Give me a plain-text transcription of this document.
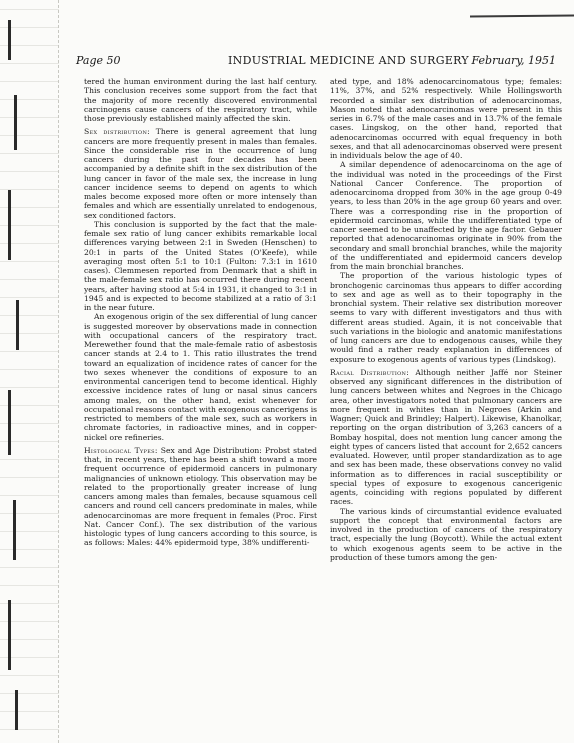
Page 50	INDUSTRIAL MEDICINE AND SURGERY February, 1951

tered the human environment during the last half century. This conclusion receives some support from the fact that the majority of more recently discovered environmental carcinogens cause cancers of the respiratory tract, while those previously established mainly affected the skin.

Sex distribution: There is general agreement that lung cancers are more frequently present in males than females. Since the considerable rise in the occurrence of lung cancers during the past four decades has been accompanied by a definite shift in the sex distribution of the lung cancer in favor of the male sex, the increase in lung cancer incidence seems to depend on agents to which males become exposed more often or more intensely than females and which are essentially unrelated to endogenous, sex conditioned factors.

This conclusion is supported by the fact that the male-female sex ratio of lung cancer exhibits remarkable local differences varying between 2:1 in Sweden (Henschen) to 20:1 in parts of the United States (O'Keefe), while averaging most often 5:1 to 10:1 (Fulton: 7.3:1 in 1610 cases). Clemmesen reported from Denmark that a shift in the male-female sex ratio has occurred there during recent years, after having stood at 5:4 in 1931, it changed to 3:1 in 1945 and is expected to become stabilized at a ratio of 3:1 in the near future.

An exogenous origin of the sex differential of lung cancer is suggested moreover by observations made in connection with occupational cancers of the respiratory tract. Merewether found that the male-female ratio of asbestosis cancer stands at 2.4 to 1. This ratio illustrates the trend toward an equalization of incidence rates of cancer for the two sexes whenever the conditions of exposure to an environmental cancerigen tend to become identical. Highly excessive incidence rates of lung or nasal sinus cancers among males, on the other hand, exist whenever for occupational reasons contact with exogenous cancerigens is restricted to members of the male sex, such as workers in chromate factories, in radioactive mines, and in copper-nickel ore refineries.

Histological Types: Sex and Age Distribution: Probst stated that, in recent years, there has been a shift toward a more frequent occurrence of epidermoid cancers in pulmonary malignancies of unknown etiology. This observation may be related to the proportionally greater increase of lung cancers among males than females, because squamous cell cancers and round cell cancers predominate in males, while adenocarcinomas are more frequent in females (Proc. First Nat. Cancer Conf.). The sex distribution of the various histologic types of lung cancers according to this source, is as follows: Males: 44% epidermoid type, 38% undifferenti-

ated type, and 18% adenocarcinomatous type; females: 11%, 37%, and 52% respectively. While Hollingsworth recorded a similar sex distribution of adenocarcinomas, Mason noted that adenocarcinomas were present in this series in 6.7% of the male cases and in 13.7% of the female cases. Lingskog, on the other hand, reported that adenocarcinomas occurred with equal frequency in both sexes, and that all adenocarcinomas observed were present in individuals below the age of 40.

A similar dependence of adenocarcinoma on the age of the individual was noted in the proceedings of the First National Cancer Conference. The proportion of adenocarcinoma dropped from 30% in the age group 0-49 years, to less than 20% in the age group 60 years and over. There was a corresponding rise in the proportion of epidermoid carcinomas, while the undifferentiated type of cancer seemed to be unaffected by the age factor. Gebauer reported that adenocarcinomas originate in 90% from the secondary and small bronchial branches, while the majority of the undifferentiated and epidermoid cancers develop from the main bronchial branches.

The proportion of the various histologic types of bronchogenic carcinomas thus appears to differ according to sex and age as well as to their topography in the bronchial system. Their relative sex distribution moreover seems to vary with different investigators and thus with different areas studied. Again, it is not conceivable that such variations in the biologic and anatomic manifestations of lung cancers are due to endogenous causes, while they would find a rather ready explanation in differences of exposure to exogenous agents of various types (Lindskog).

Racial Distribution: Although neither Jaffé nor Steiner observed any significant differences in the distribution of lung cancers between whites and Negroes in the Chicago area, other investigators noted that pulmonary cancers are more frequent in whites than in Negroes (Arkin and Wagner; Quick and Brindley; Halpert). Likewise, Khanolkar, reporting on the organ distribution of 3,263 cancers of a Bombay hospital, does not mention lung cancer among the eight types of cancers listed that account for 2,652 cancers evaluated. However, until proper standardization as to age and sex has been made, these observations convey no valid information as to differences in racial susceptibility or special types of exposure to exogenous cancerigenic agents, coinciding with regions populated by different races.

The various kinds of circumstantial evidence evaluated support the concept that environmental factors are involved in the production of cancers of the respiratory tract, especially the lung (Boycott). While the actual extent to which exogenous agents seem to be active in the production of these tumors among the gen-
